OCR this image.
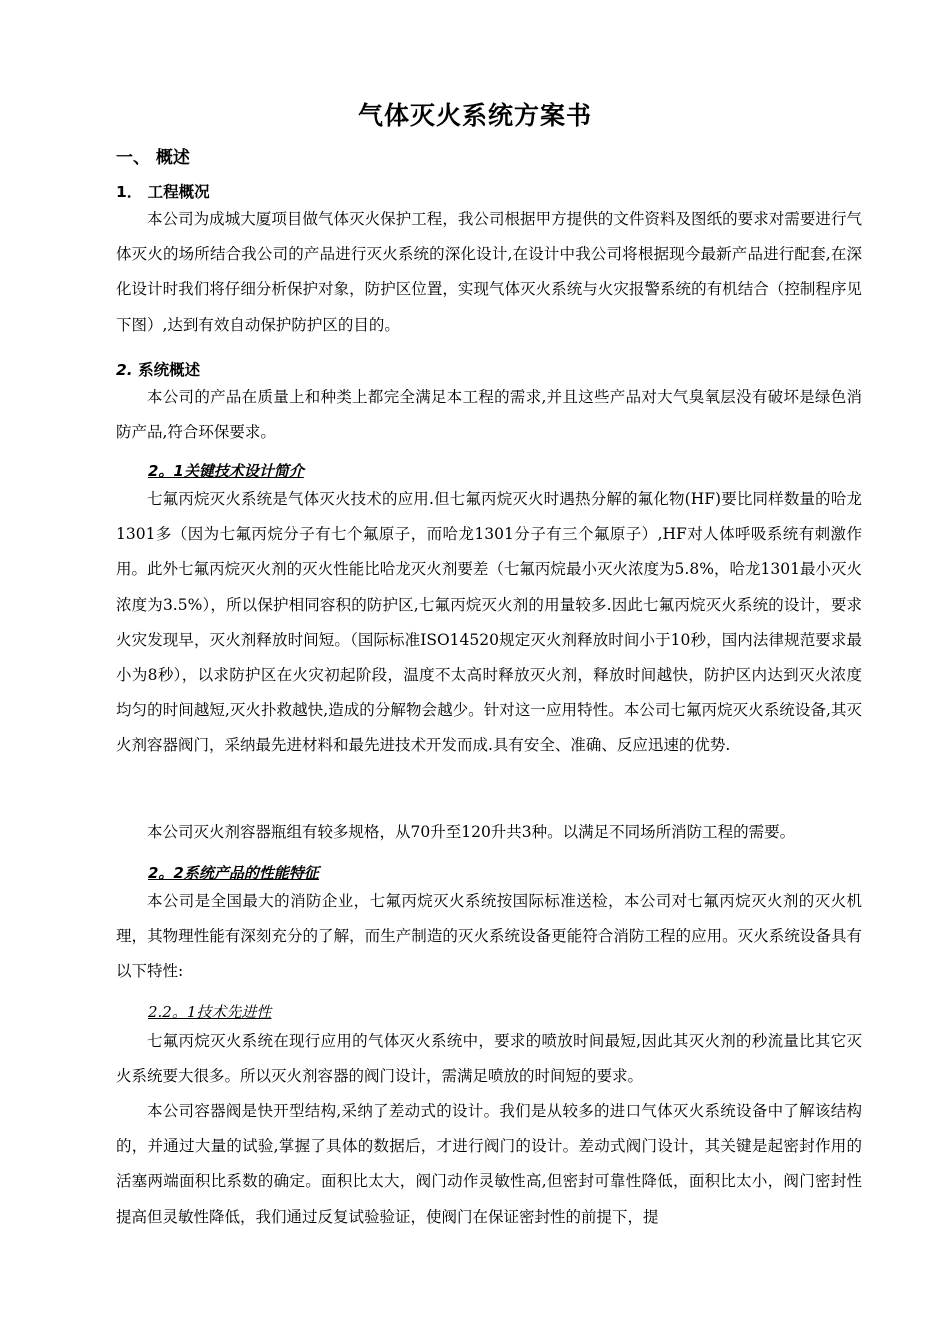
气体灭火系统方案书
一、 概述
1． 工程概况

本公司为成城大厦项目做气体灭火保护工程，我公司根据甲方提供的文件资料及图纸的要求对需要进行气体灭火的场所结合我公司的产品进行灭火系统的深化设计,在设计中我公司将根据现今最新产品进行配套,在深化设计时我们将仔细分析保护对象，防护区位置，实现气体灭火系统与火灾报警系统的有机结合（控制程序见下图）,达到有效自动保护防护区的目的。

2. 系统概述

本公司的产品在质量上和种类上都完全满足本工程的需求,并且这些产品对大气臭氧层没有破坏是绿色消防产品,符合环保要求。

2。1关键技术设计简介

七氟丙烷灭火系统是气体灭火技术的应用.但七氟丙烷灭火时遇热分解的氟化物(HF)要比同样数量的哈龙1301多（因为七氟丙烷分子有七个氟原子，而哈龙1301分子有三个氟原子）,HF对人体呼吸系统有刺激作用。此外七氟丙烷灭火剂的灭火性能比哈龙灭火剂要差（七氟丙烷最小灭火浓度为5.8%，哈龙1301最小灭火浓度为3.5%），所以保护相同容积的防护区,七氟丙烷灭火剂的用量较多.因此七氟丙烷灭火系统的设计，要求火灾发现早，灭火剂释放时间短。（国际标准ISO14520规定灭火剂释放时间小于10秒，国内法律规范要求最小为8秒），以求防护区在火灾初起阶段，温度不太高时释放灭火剂，释放时间越快，防护区内达到灭火浓度均匀的时间越短,灭火扑救越快,造成的分解物会越少。针对这一应用特性。本公司七氟丙烷灭火系统设备,其灭火剂容器阀门，采纳最先进材料和最先进技术开发而成.具有安全、准确、反应迅速的优势.

本公司灭火剂容器瓶组有较多规格，从70升至120升共3种。以满足不同场所消防工程的需要。

2。2系统产品的性能特征

本公司是全国最大的消防企业，七氟丙烷灭火系统按国际标准送检，本公司对七氟丙烷灭火剂的灭火机理，其物理性能有深刻充分的了解，而生产制造的灭火系统设备更能符合消防工程的应用。灭火系统设备具有以下特性:

2.2。1技术先进性

七氟丙烷灭火系统在现行应用的气体灭火系统中，要求的喷放时间最短,因此其灭火剂的秒流量比其它灭火系统要大很多。所以灭火剂容器的阀门设计，需满足喷放的时间短的要求。

本公司容器阀是快开型结构,采纳了差动式的设计。我们是从较多的进口气体灭火系统设备中了解该结构的，并通过大量的试验,掌握了具体的数据后，才进行阀门的设计。差动式阀门设计，其关键是起密封作用的活塞两端面积比系数的确定。面积比太大，阀门动作灵敏性高,但密封可靠性降低，面积比太小，阀门密封性提高但灵敏性降低，我们通过反复试验验证，使阀门在保证密封性的前提下，提
